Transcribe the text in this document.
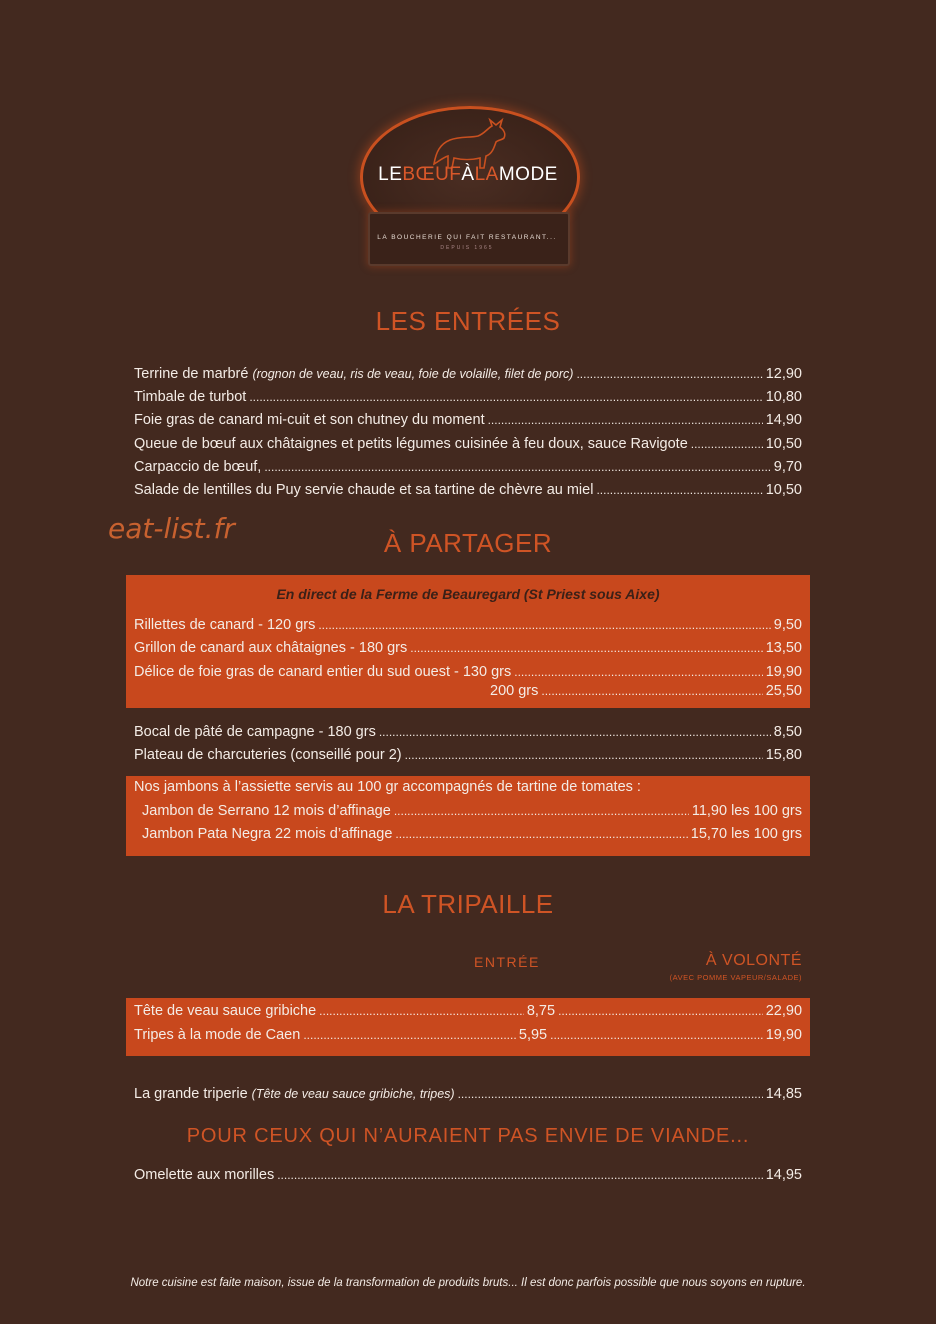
LEBŒUFÀLAMODE
LA BOUCHERIE QUI FAIT RESTAURANT...
DEPUIS 1965
LES ENTRÉES
Terrine de marbré (rognon de veau, ris de veau, foie de volaille, filet de porc) .....	12,90
Timbale de turbot .....	10,80
Foie gras de canard mi-cuit et son chutney du moment .....	14,90
Queue de bœuf aux châtaignes et petits légumes cuisinée à feu doux, sauce Ravigote .....	10,50
Carpaccio de bœuf, .....	9,70
Salade de lentilles du Puy servie chaude et sa tartine de chèvre au miel .....	10,50
eat-list.fr	À PARTAGER
En direct de la Ferme de Beauregard (St Priest sous Aixe)
Rillettes de canard - 120 grs .....	9,50
Grillon de canard aux châtaignes - 180 grs .....	13,50
Délice de foie gras de canard entier du sud ouest - 130 grs .....	19,90
200 grs .....	25,50
Bocal de pâté de campagne - 180 grs .....	8,50
Plateau de charcuteries (conseillé pour 2) .....	15,80
Nos jambons à l’assiette servis au 100 gr accompagnés de tartine de tomates :
Jambon de Serrano 12 mois d’affinage .....	11,90 les 100 grs
Jambon Pata Negra 22 mois d’affinage .....	15,70 les 100 grs
LA TRIPAILLE
ENTRÉE	À VOLONTÉ
(AVEC POMME VAPEUR/SALADE)
Tête de veau sauce gribiche .....	8,75 .....	22,90
Tripes à la mode de Caen .....	5,95 .....	19,90
La grande triperie (Tête de veau sauce gribiche, tripes) .....	14,85
POUR CEUX QUI N’AURAIENT PAS ENVIE DE VIANDE...
Omelette aux morilles .....	14,95
Notre cuisine est faite maison, issue de la transformation de produits bruts... Il est donc parfois possible que nous soyons en rupture.
